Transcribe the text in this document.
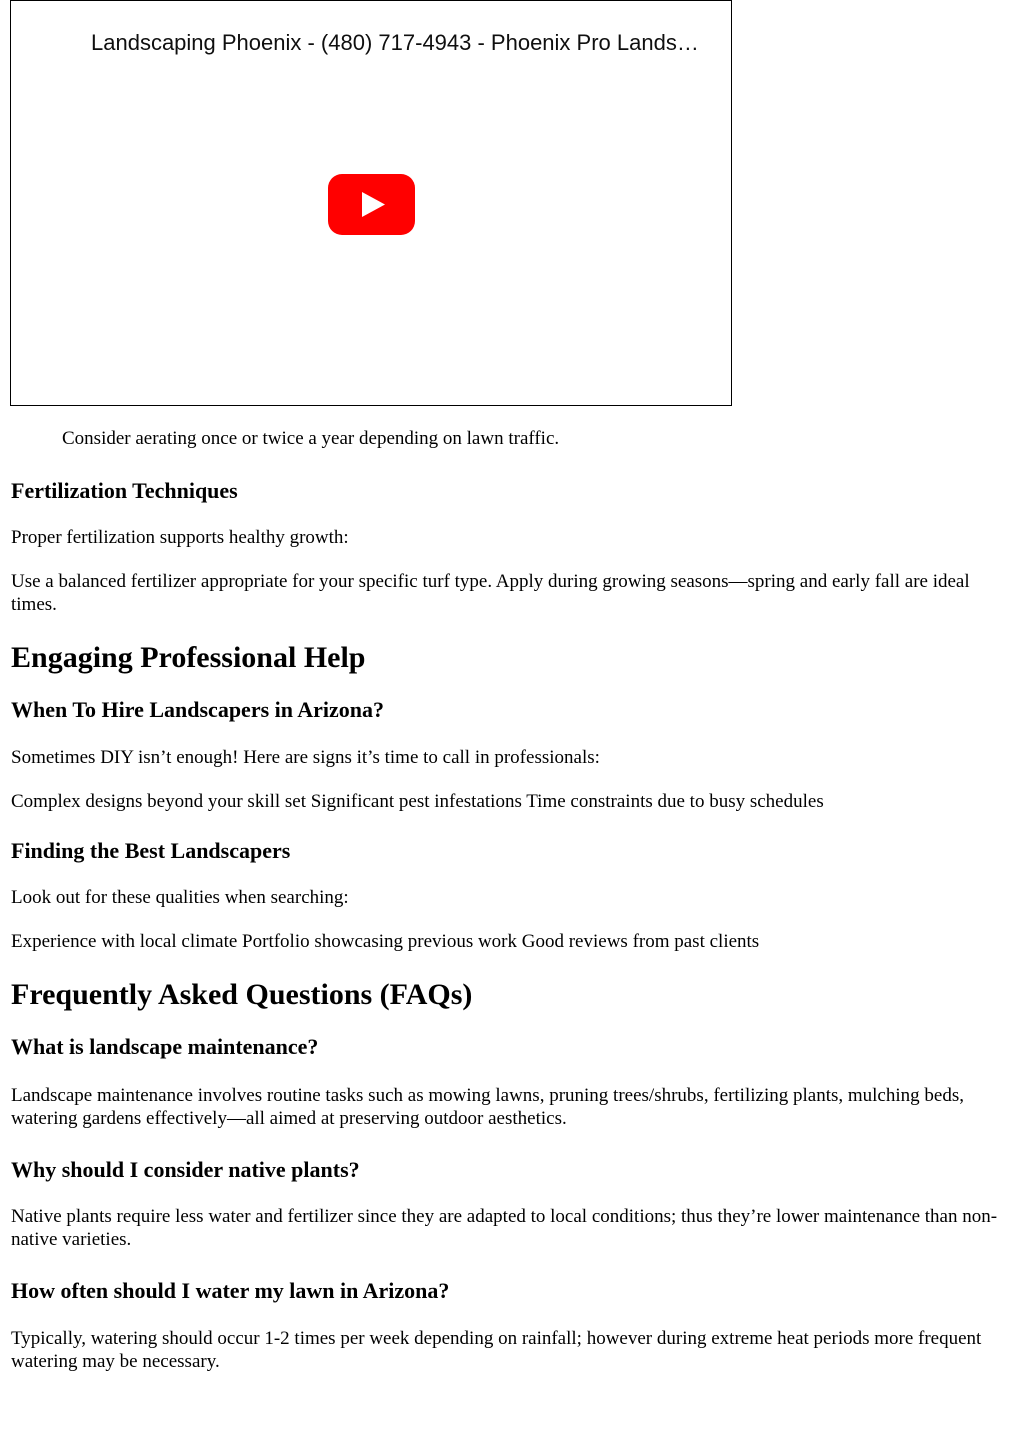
Landscaping Phoenix - (480) 717-4943 - Phoenix Pro Lands…

Consider aerating once or twice a year depending on lawn traffic.

Fertilization Techniques

Proper fertilization supports healthy growth:

Use a balanced fertilizer appropriate for your specific turf type. Apply during growing seasons—spring and early fall are ideal times.

Engaging Professional Help
When To Hire Landscapers in Arizona?

Sometimes DIY isn’t enough! Here are signs it’s time to call in professionals:

Complex designs beyond your skill set Significant pest infestations Time constraints due to busy schedules

Finding the Best Landscapers

Look out for these qualities when searching:

Experience with local climate Portfolio showcasing previous work Good reviews from past clients

Frequently Asked Questions (FAQs)
What is landscape maintenance?

Landscape maintenance involves routine tasks such as mowing lawns, pruning trees/shrubs, fertilizing plants, mulching beds, watering gardens effectively—all aimed at preserving outdoor aesthetics.

Why should I consider native plants?

Native plants require less water and fertilizer since they are adapted to local conditions; thus they’re lower maintenance than non-native varieties.

How often should I water my lawn in Arizona?

Typically, watering should occur 1-2 times per week depending on rainfall; however during extreme heat periods more frequent watering may be necessary.
